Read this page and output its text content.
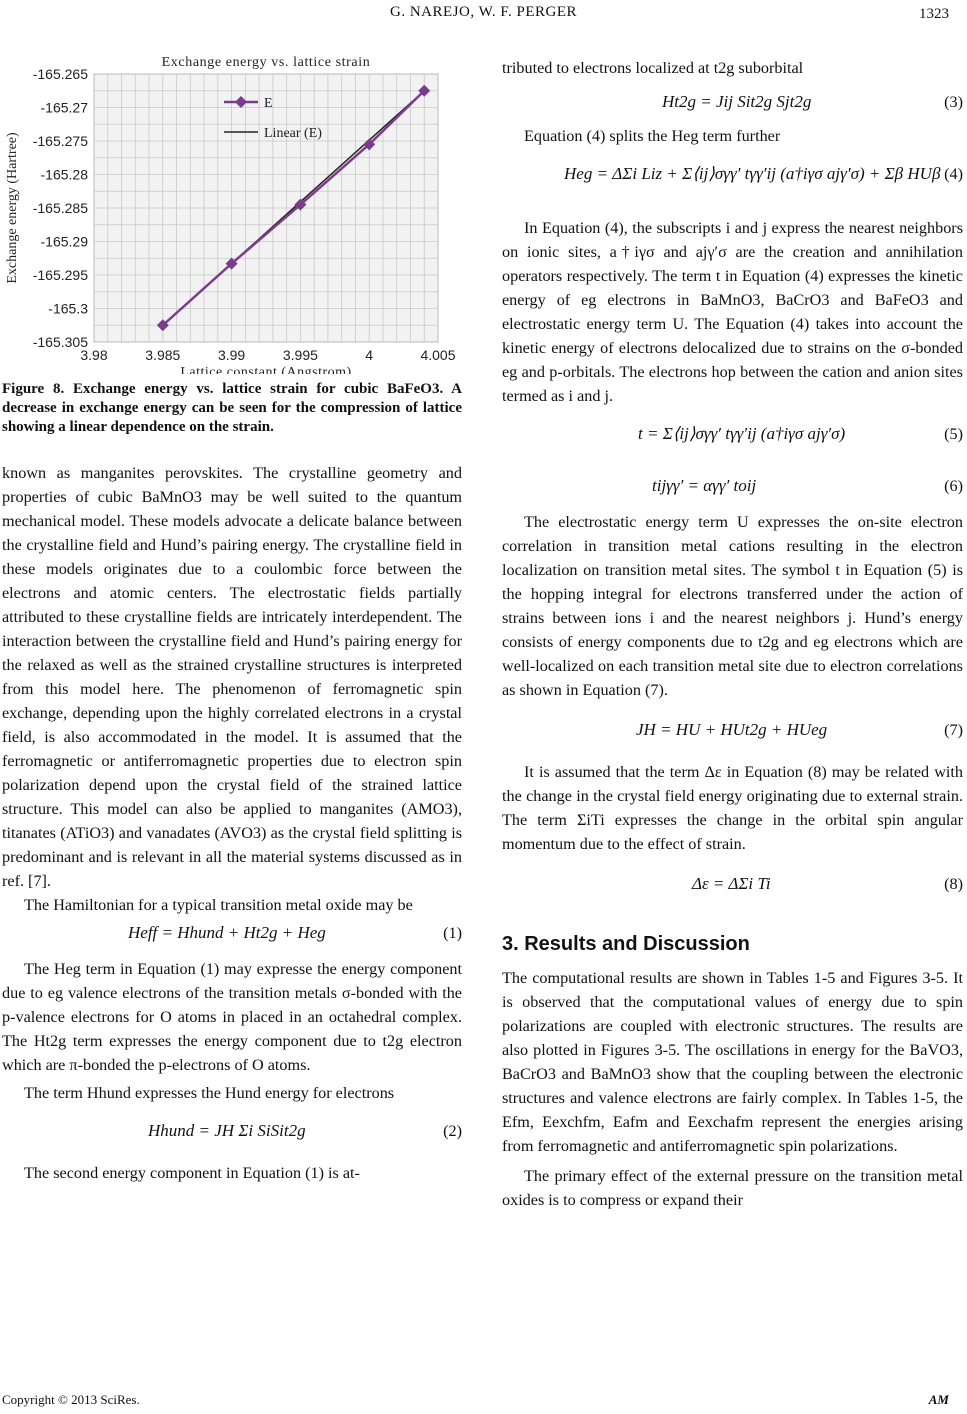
G. NAREJO, W. F. PERGER	1323
-165.265
-165.27
-165.275
-165.28
-165.285
-165.29
-165.295
-165.3
-165.305
3.98	3.985	3.99	3.995	4	4.005
Exchange energy vs. lattice strain
Lattice constant (Angstrom)
Exchange energy (Hartree)
E
Linear (E)

Figure 8. Exchange energy vs. lattice strain for cubic BaFeO3. A decrease in exchange energy can be seen for the compression of lattice showing a linear dependence on the strain.

known as manganites perovskites. The crystalline geometry and properties of cubic BaMnO3 may be well suited to the quantum mechanical model. These models advocate a delicate balance between the crystalline field and Hund’s pairing energy. The crystalline field in these models originates due to a coulombic force between the electrons and atomic centers. The electrostatic fields partially attributed to these crystalline fields are intricately interdependent. The interaction between the crystalline field and Hund’s pairing energy for the relaxed as well as the strained crystalline structures is interpreted from this model here. The phenomenon of ferromagnetic spin exchange, depending upon the highly correlated electrons in a crystal field, is also accommodated in the model. It is assumed that the ferromagnetic or antiferromagnetic properties due to electron spin polarization depend upon the crystal field of the strained lattice structure. This model can also be applied to manganites (AMO3), titanates (ATiO3) and vanadates (AVO3) as the crystal field splitting is predominant and is relevant in all the material systems discussed as in ref. [7].

The Hamiltonian for a typical transition metal oxide may be

Heff = Hhund + Ht2g + Heg	(1)

The Heg term in Equation (1) may expresse the energy component due to eg valence electrons of the transition metals σ-bonded with the p-valence electrons for O atoms in placed in an octahedral complex. The Ht2g term expresses the energy component due to t2g electron which are π-bonded the p-electrons of O atoms.

The term Hhund expresses the Hund energy for electrons

Hhund = JH Σi SiSit2g	(2)

The second energy component in Equation (1) is at-

tributed to electrons localized at t2g suborbital

Ht2g = Jij Sit2g Sjt2g	(3)

Equation (4) splits the Heg term further

Heg = ΔΣi Liz + Σ⟨ij⟩σγγ′ tγγ′ij (a†iγσ ajγ′σ) + Σβ HUβ (4)

In Equation (4), the subscripts i and j express the nearest neighbors on ionic sites, a†iγσ and ajγ′σ are the creation and annihilation operators respectively. The term t in Equation (4) expresses the kinetic energy of eg electrons in BaMnO3, BaCrO3 and BaFeO3 and electrostatic energy term U. The Equation (4) takes into account the kinetic energy of electrons delocalized due to strains on the σ-bonded eg and p-orbitals. The electrons hop between the cation and anion sites termed as i and j.

t = Σ⟨ij⟩σγγ′ tγγ′ij (a†iγσ ajγ′σ)	(5)
tijγγ′ = αγγ′ toij	(6)

The electrostatic energy term U expresses the on-site electron correlation in transition metal cations resulting in the electron localization on transition metal sites. The symbol t in Equation (5) is the hopping integral for electrons transferred under the action of strains between ions i and the nearest neighbors j. Hund’s energy consists of energy components due to t2g and eg electrons which are well-localized on each transition metal site due to electron correlations as shown in Equation (7).

JH = HU + HUt2g + HUeg	(7)

It is assumed that the term Δε in Equation (8) may be related with the change in the crystal field energy originating due to external strain. The term ΣiTi expresses the change in the orbital spin angular momentum due to the effect of strain.

Δε = ΔΣi Ti	(8)
3. Results and Discussion

The computational results are shown in Tables 1-5 and Figures 3-5. It is observed that the computational values of energy due to spin polarizations are coupled with electronic structures. The results are also plotted in Figures 3-5. The oscillations in energy for the BaVO3, BaCrO3 and BaMnO3 show that the coupling between the electronic structures and valence electrons are fairly complex. In Tables 1-5, the Efm, Eexchfm, Eafm and Eexchafm represent the energies arising from ferromagnetic and antiferromagnetic spin polarizations.

The primary effect of the external pressure on the transition metal oxides is to compress or expand their

Copyright © 2013 SciRes.	AM
